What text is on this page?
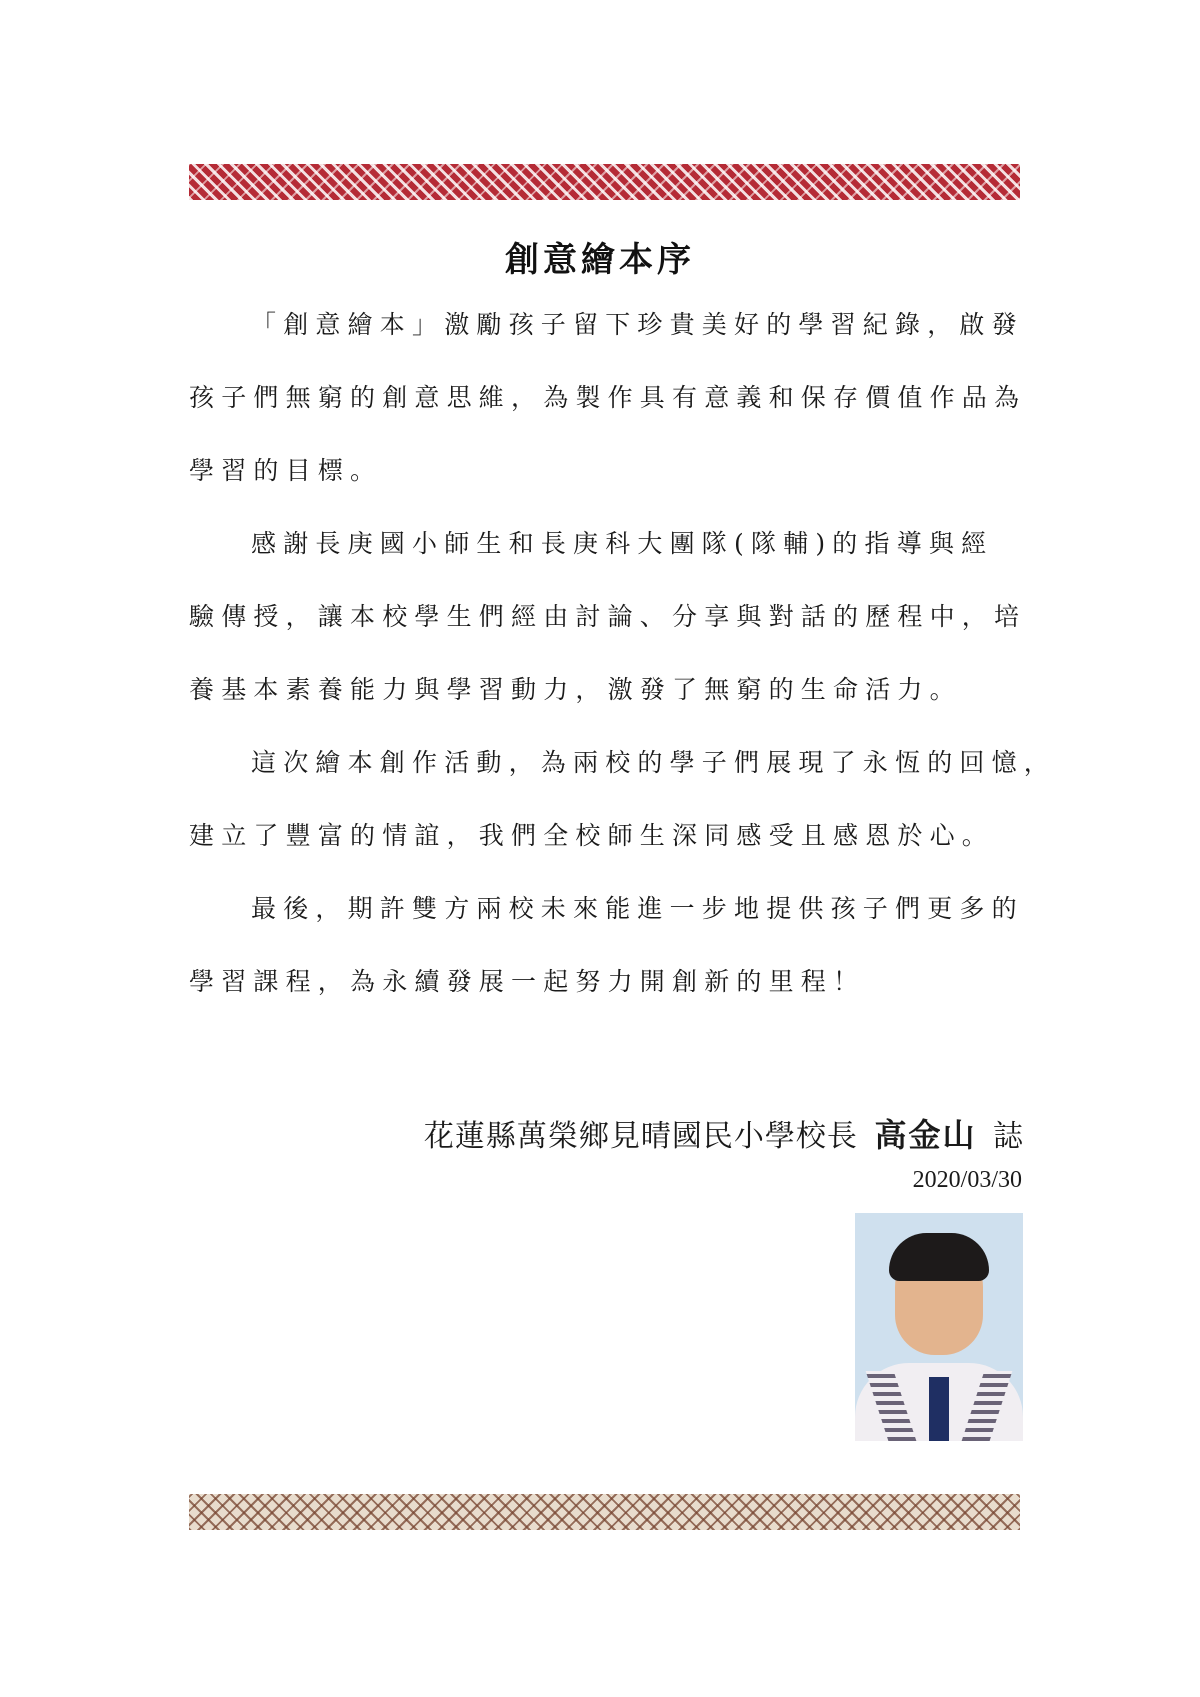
創意繪本序
「創意繪本」激勵孩子留下珍貴美好的學習紀錄，啟發
孩子們無窮的創意思維，為製作具有意義和保存價值作品為
學習的目標。
感謝長庚國小師生和長庚科大團隊(隊輔)的指導與經
驗傳授，讓本校學生們經由討論、分享與對話的歷程中，培
養基本素養能力與學習動力，激發了無窮的生命活力。
這次繪本創作活動，為兩校的學子們展現了永恆的回憶，
建立了豐富的情誼，我們全校師生深同感受且感恩於心。
最後，期許雙方兩校未來能進一步地提供孩子們更多的
學習課程，為永續發展一起努力開創新的里程！
花蓮縣萬榮鄉見晴國民小學校長 高金山 誌
2020/03/30
